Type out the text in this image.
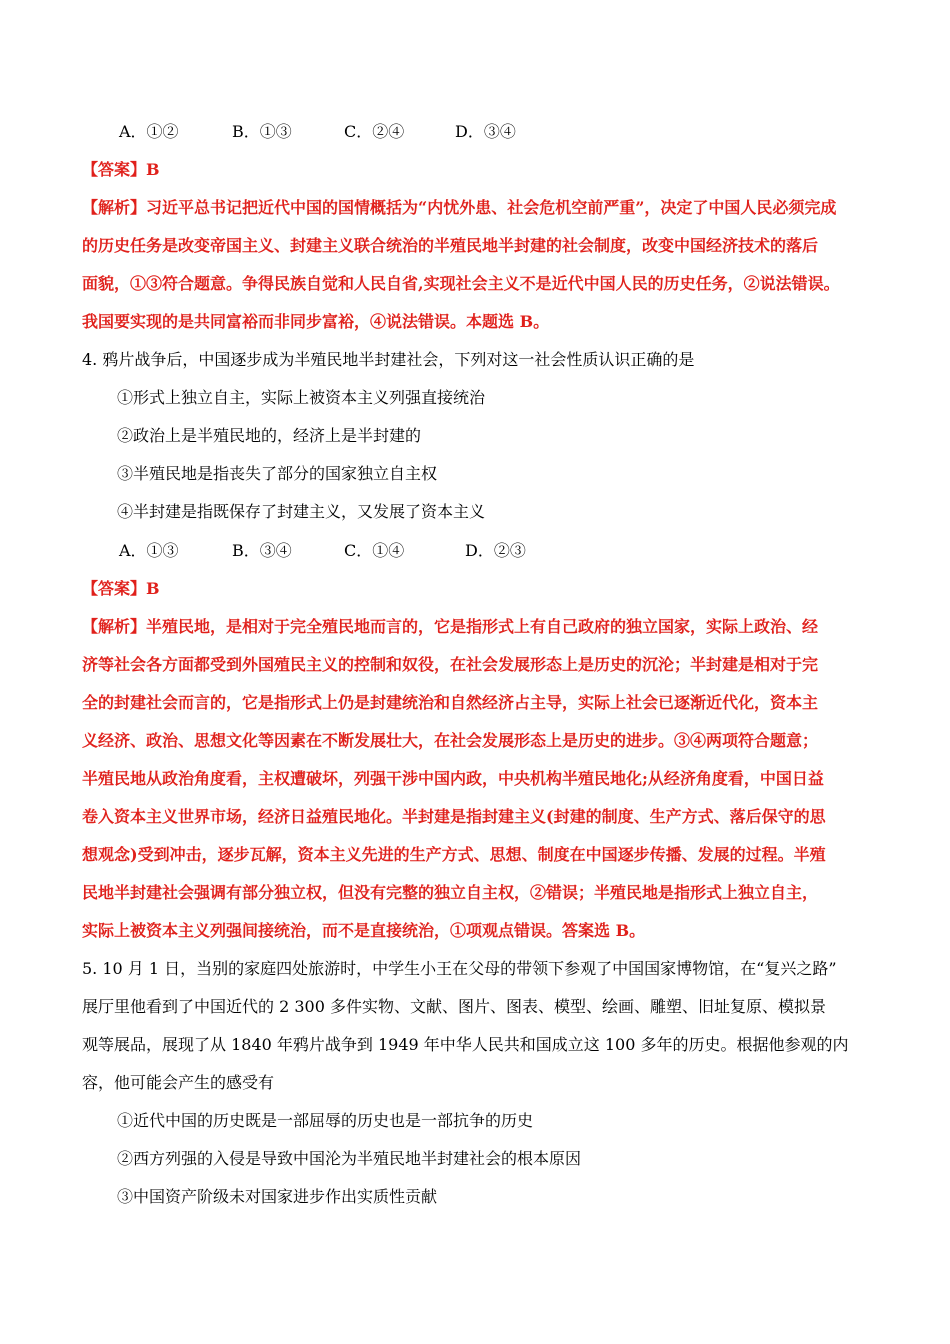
A．①②	B．①③	C．②④	D．③④
【答案】B
【解析】习近平总书记把近代中国的国情概括为“内忧外患、社会危机空前严重”，决定了中国人民必须完成
的历史任务是改变帝国主义、封建主义联合统治的半殖民地半封建的社会制度，改变中国经济技术的落后
面貌，①③符合题意。争得民族自觉和人民自省,实现社会主义不是近代中国人民的历史任务，②说法错误。
我国要实现的是共同富裕而非同步富裕，④说法错误。本题选 B。
4. 鸦片战争后，中国逐步成为半殖民地半封建社会，下列对这一社会性质认识正确的是
①形式上独立自主，实际上被资本主义列强直接统治
②政治上是半殖民地的，经济上是半封建的
③半殖民地是指丧失了部分的国家独立自主权
④半封建是指既保存了封建主义，又发展了资本主义
A．①③	B．③④	C．①④	D．②③
【答案】B
【解析】半殖民地，是相对于完全殖民地而言的，它是指形式上有自己政府的独立国家，实际上政治、经
济等社会各方面都受到外国殖民主义的控制和奴役，在社会发展形态上是历史的沉沦；半封建是相对于完
全的封建社会而言的，它是指形式上仍是封建统治和自然经济占主导，实际上社会已逐渐近代化，资本主
义经济、政治、思想文化等因素在不断发展壮大，在社会发展形态上是历史的进步。③④两项符合题意；
半殖民地从政治角度看，主权遭破坏，列强干涉中国内政，中央机构半殖民地化;从经济角度看，中国日益
卷入资本主义世界市场，经济日益殖民地化。半封建是指封建主义(封建的制度、生产方式、落后保守的思
想观念)受到冲击，逐步瓦解，资本主义先进的生产方式、思想、制度在中国逐步传播、发展的过程。半殖
民地半封建社会强调有部分独立权，但没有完整的独立自主权，②错误；半殖民地是指形式上独立自主，
实际上被资本主义列强间接统治，而不是直接统治，①项观点错误。答案选 B。
5. 10 月 1 日，当别的家庭四处旅游时，中学生小王在父母的带领下参观了中国国家博物馆，在“复兴之路”
展厅里他看到了中国近代的 2 300 多件实物、文献、图片、图表、模型、绘画、雕塑、旧址复原、模拟景
观等展品，展现了从 1840 年鸦片战争到 1949 年中华人民共和国成立这 100 多年的历史。根据他参观的内
容，他可能会产生的感受有
①近代中国的历史既是一部屈辱的历史也是一部抗争的历史
②西方列强的入侵是导致中国沦为半殖民地半封建社会的根本原因
③中国资产阶级未对国家进步作出实质性贡献
